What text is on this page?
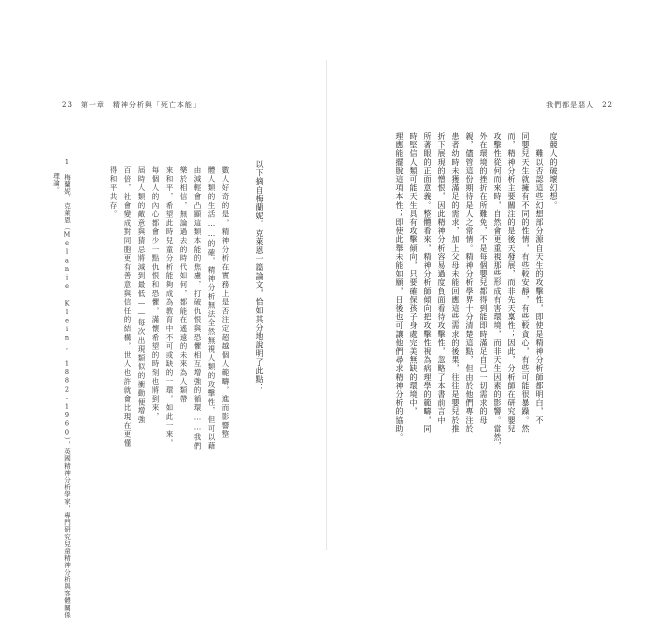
23　第一章　精神分析與「死亡本能」
以下摘自梅蘭妮．克萊恩一篇論文，恰如其分地說明了此點：
數人好奇的是，精神分析在實務上是否注定超越個人範疇，進而影響整
體人類的生活……的確，精神分析無法全然無視人類的攻擊性，但可以藉
由減輕會凸顯這類本能的焦慮，打破仇恨與恐懼相互增強的循環……我們
樂於相信，無論過去的時代如何，都能在遙遠的未來為人類帶
來和平，希望此時兒童分析能夠成為教育中不可或缺的一環，如此一來，
每個人的內心都會少一點仇恨和恐懼，滿懷希望的時刻也將到來，
屆時人類的敵意與猜忌將減到最低——每次出現類似的衝動便增強
百倍，社會變成對同胞更有善意與信任的結構，世人也許就會比現在更懂
得和平共存。
1　梅蘭妮．克萊恩（Melanie Klein, 1882-1960），英國精神分析學家，專門研究兒童精神分析與客體關係
　　理論。
我們都是惡人　22
度競人的破壞幻想。
　　難以否認這些幻想部分源自天生的攻擊性，即使是精神分析師都明白，不
同嬰兒天生就擁有不同的性情，有些較安靜，有些較貪心，有些可能很暴躁。然
而，精神分析主要關注的是後天發展，而非先天稟性；因此，分析師在研究嬰兒
攻擊性從何而來時，自然會更重視那些形成有害環境，而非天生因素的影響。當然，
外在環境的挫折在所難免，不是每個嬰兒都得到能即時滿足自己一切需求的母
親，儘管這份期待是人之常情。精神分析學界十分清楚這點，但由於他們專注於
患者幼時未獲滿足的需求，加上父母未能回應這些需求的後果，往往是嬰兒於推
折下展現的憎恨，因此精神分析容易過度負面看待攻擊性，忽略了本書前言中
所著眼的正面意義。整體看來，精神分析師傾向把攻擊性視為病理學的範疇，同
時堅信人類可能天生具有攻擊傾向，只要確保孩子身處完美無缺的環境中，
理應能擺脫這項本性；即使此舉未能如願，日後也可讓他們尋求精神分析的協助。
